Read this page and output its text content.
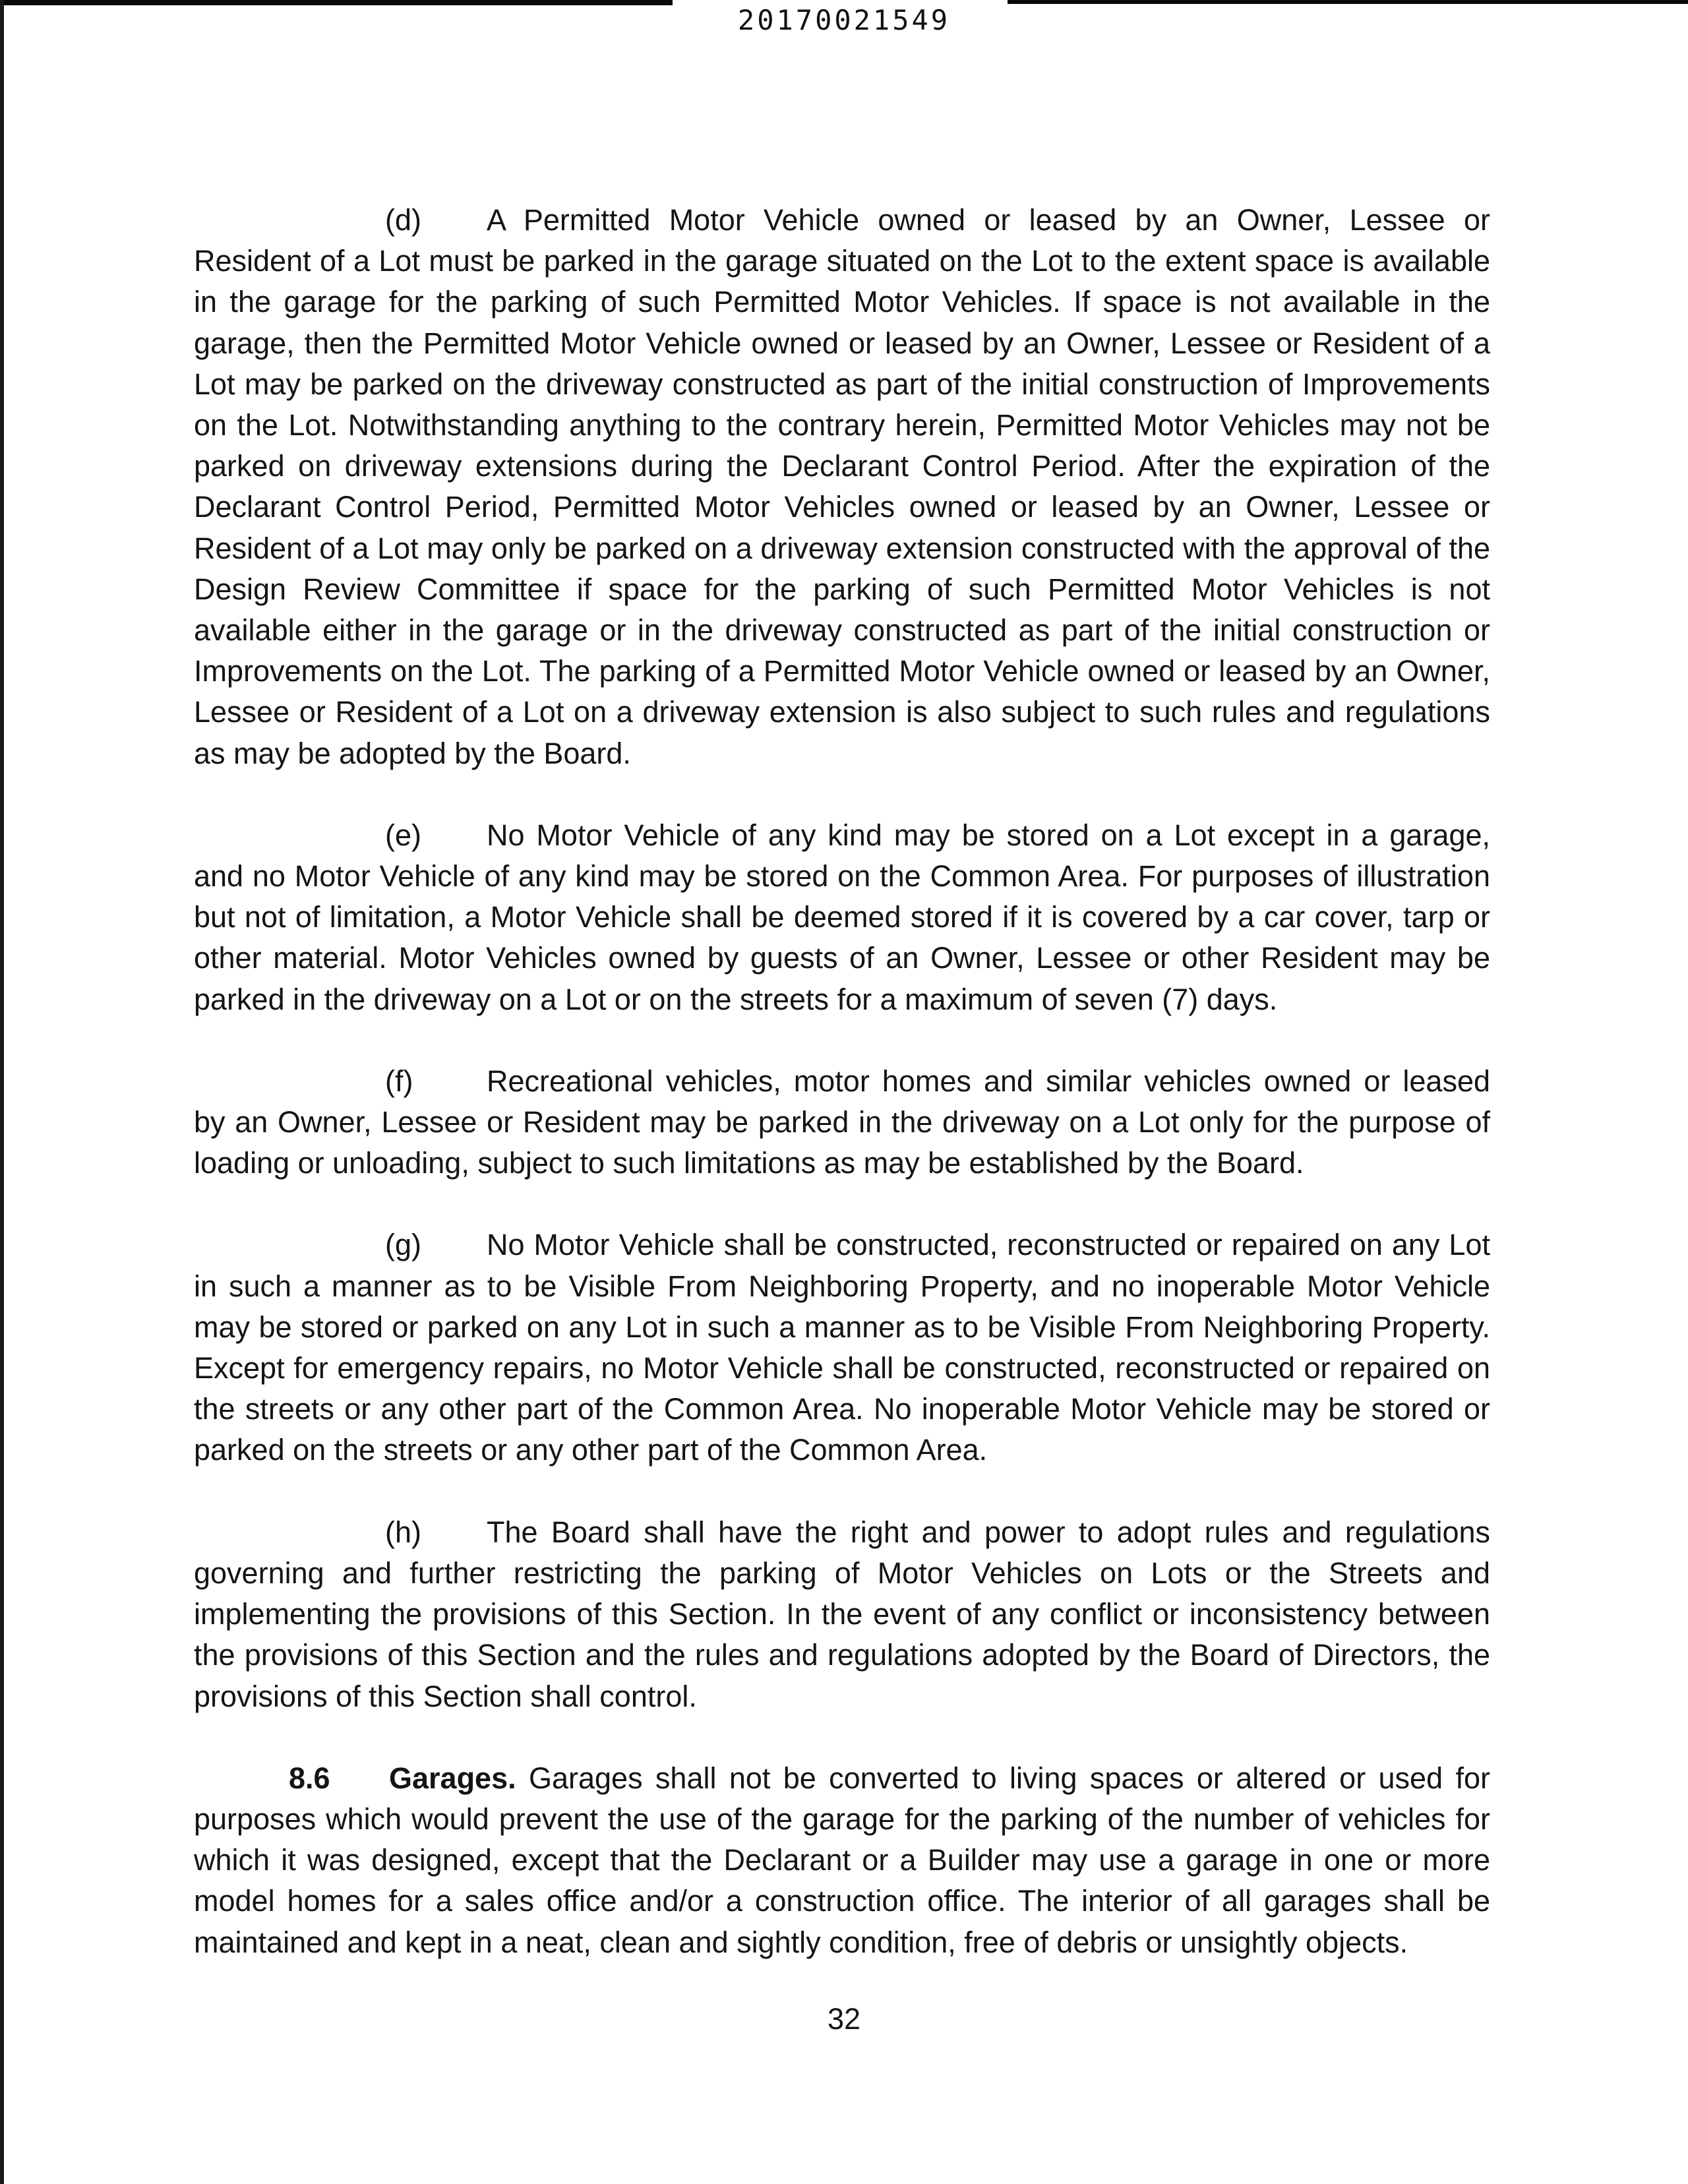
20170021549

(d) A Permitted Motor Vehicle owned or leased by an Owner, Lessee or Resident of a Lot must be parked in the garage situated on the Lot to the extent space is available in the garage for the parking of such Permitted Motor Vehicles. If space is not available in the garage, then the Permitted Motor Vehicle owned or leased by an Owner, Lessee or Resident of a Lot may be parked on the driveway constructed as part of the initial construction of Improvements on the Lot. Notwithstanding anything to the contrary herein, Permitted Motor Vehicles may not be parked on driveway extensions during the Declarant Control Period. After the expiration of the Declarant Control Period, Permitted Motor Vehicles owned or leased by an Owner, Lessee or Resident of a Lot may only be parked on a driveway extension constructed with the approval of the Design Review Committee if space for the parking of such Permitted Motor Vehicles is not available either in the garage or in the driveway constructed as part of the initial construction or Improvements on the Lot. The parking of a Permitted Motor Vehicle owned or leased by an Owner, Lessee or Resident of a Lot on a driveway extension is also subject to such rules and regulations as may be adopted by the Board.

(e) No Motor Vehicle of any kind may be stored on a Lot except in a garage, and no Motor Vehicle of any kind may be stored on the Common Area. For purposes of illustration but not of limitation, a Motor Vehicle shall be deemed stored if it is covered by a car cover, tarp or other material. Motor Vehicles owned by guests of an Owner, Lessee or other Resident may be parked in the driveway on a Lot or on the streets for a maximum of seven (7) days.

(f) Recreational vehicles, motor homes and similar vehicles owned or leased by an Owner, Lessee or Resident may be parked in the driveway on a Lot only for the purpose of loading or unloading, subject to such limitations as may be established by the Board.

(g) No Motor Vehicle shall be constructed, reconstructed or repaired on any Lot in such a manner as to be Visible From Neighboring Property, and no inoperable Motor Vehicle may be stored or parked on any Lot in such a manner as to be Visible From Neighboring Property. Except for emergency repairs, no Motor Vehicle shall be constructed, reconstructed or repaired on the streets or any other part of the Common Area. No inoperable Motor Vehicle may be stored or parked on the streets or any other part of the Common Area.

(h) The Board shall have the right and power to adopt rules and regulations governing and further restricting the parking of Motor Vehicles on Lots or the Streets and implementing the provisions of this Section. In the event of any conflict or inconsistency between the provisions of this Section and the rules and regulations adopted by the Board of Directors, the provisions of this Section shall control.

8.6 Garages. Garages shall not be converted to living spaces or altered or used for purposes which would prevent the use of the garage for the parking of the number of vehicles for which it was designed, except that the Declarant or a Builder may use a garage in one or more model homes for a sales office and/or a construction office. The interior of all garages shall be maintained and kept in a neat, clean and sightly condition, free of debris or unsightly objects.

32
